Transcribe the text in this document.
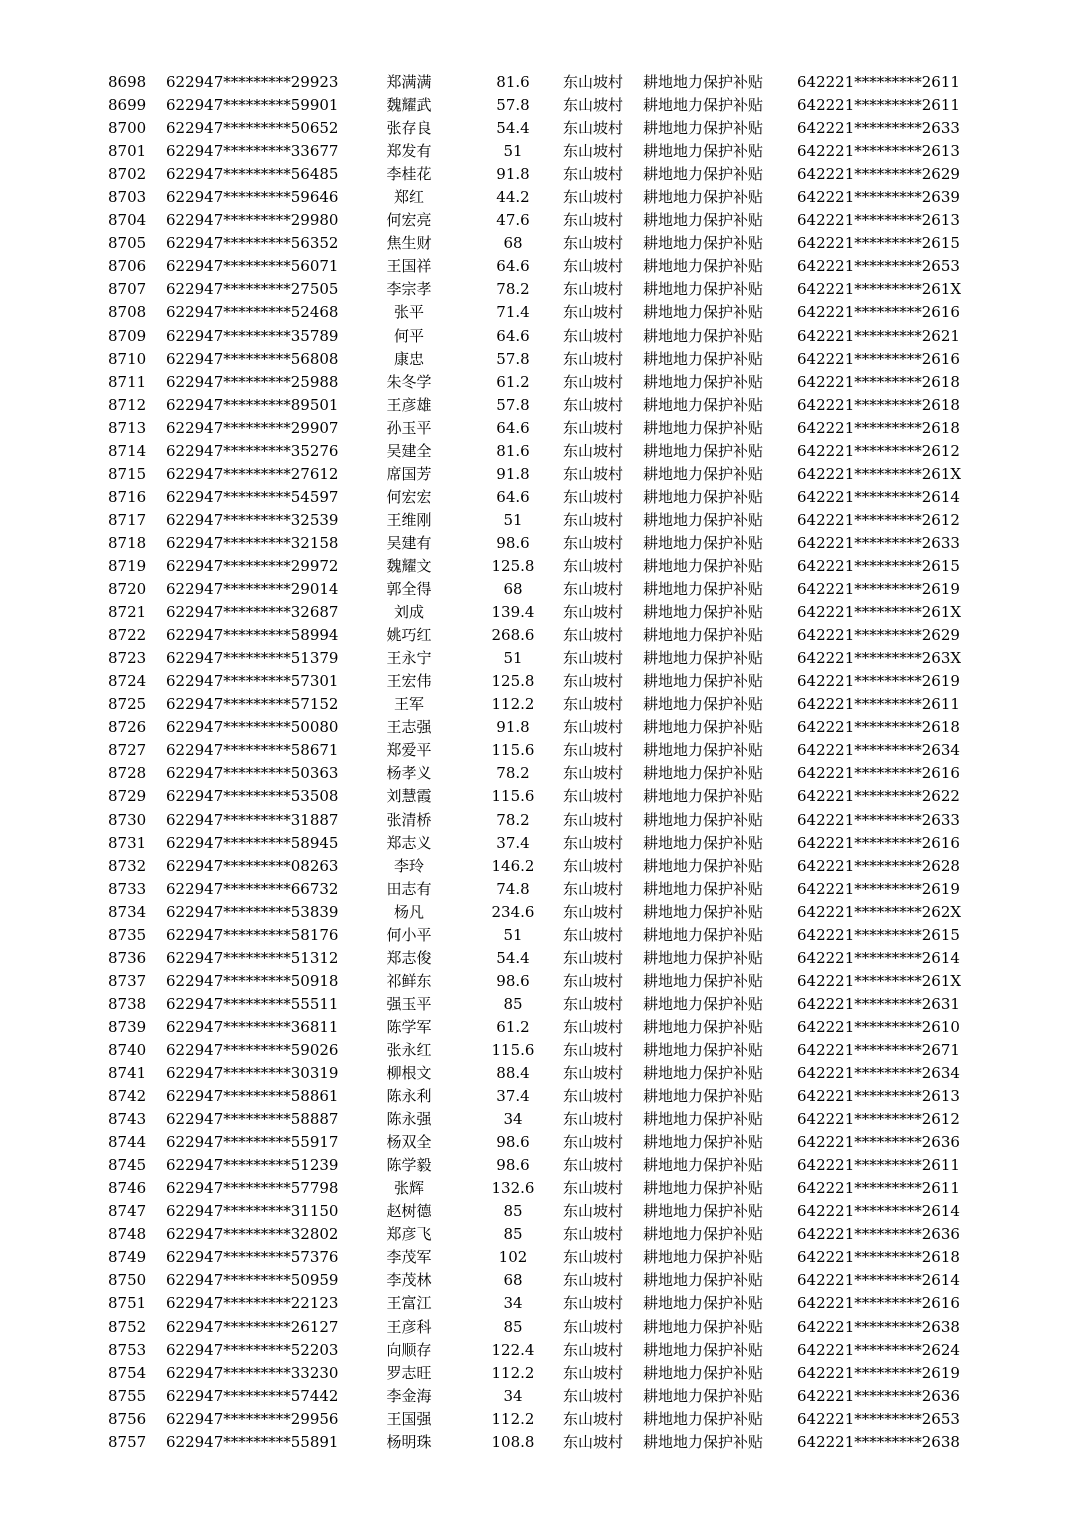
8698	622947*********29923	郑满满	81.6	东山坡村	耕地地力保护补贴	642221*********2611
8699	622947*********59901	魏耀武	57.8	东山坡村	耕地地力保护补贴	642221*********2611
8700	622947*********50652	张存良	54.4	东山坡村	耕地地力保护补贴	642221*********2633
8701	622947*********33677	郑发有	51	东山坡村	耕地地力保护补贴	642221*********2613
8702	622947*********56485	李桂花	91.8	东山坡村	耕地地力保护补贴	642221*********2629
8703	622947*********59646	郑红	44.2	东山坡村	耕地地力保护补贴	642221*********2639
8704	622947*********29980	何宏亮	47.6	东山坡村	耕地地力保护补贴	642221*********2613
8705	622947*********56352	焦生财	68	东山坡村	耕地地力保护补贴	642221*********2615
8706	622947*********56071	王国祥	64.6	东山坡村	耕地地力保护补贴	642221*********2653
8707	622947*********27505	李宗孝	78.2	东山坡村	耕地地力保护补贴	642221*********261X
8708	622947*********52468	张平	71.4	东山坡村	耕地地力保护补贴	642221*********2616
8709	622947*********35789	何平	64.6	东山坡村	耕地地力保护补贴	642221*********2621
8710	622947*********56808	康忠	57.8	东山坡村	耕地地力保护补贴	642221*********2616
8711	622947*********25988	朱冬学	61.2	东山坡村	耕地地力保护补贴	642221*********2618
8712	622947*********89501	王彦雄	57.8	东山坡村	耕地地力保护补贴	642221*********2618
8713	622947*********29907	孙玉平	64.6	东山坡村	耕地地力保护补贴	642221*********2618
8714	622947*********35276	吴建全	81.6	东山坡村	耕地地力保护补贴	642221*********2612
8715	622947*********27612	席国芳	91.8	东山坡村	耕地地力保护补贴	642221*********261X
8716	622947*********54597	何宏宏	64.6	东山坡村	耕地地力保护补贴	642221*********2614
8717	622947*********32539	王维刚	51	东山坡村	耕地地力保护补贴	642221*********2612
8718	622947*********32158	吴建有	98.6	东山坡村	耕地地力保护补贴	642221*********2633
8719	622947*********29972	魏耀文	125.8	东山坡村	耕地地力保护补贴	642221*********2615
8720	622947*********29014	郭全得	68	东山坡村	耕地地力保护补贴	642221*********2619
8721	622947*********32687	刘成	139.4	东山坡村	耕地地力保护补贴	642221*********261X
8722	622947*********58994	姚巧红	268.6	东山坡村	耕地地力保护补贴	642221*********2629
8723	622947*********51379	王永宁	51	东山坡村	耕地地力保护补贴	642221*********263X
8724	622947*********57301	王宏伟	125.8	东山坡村	耕地地力保护补贴	642221*********2619
8725	622947*********57152	王军	112.2	东山坡村	耕地地力保护补贴	642221*********2611
8726	622947*********50080	王志强	91.8	东山坡村	耕地地力保护补贴	642221*********2618
8727	622947*********58671	郑爱平	115.6	东山坡村	耕地地力保护补贴	642221*********2634
8728	622947*********50363	杨孝义	78.2	东山坡村	耕地地力保护补贴	642221*********2616
8729	622947*********53508	刘慧霞	115.6	东山坡村	耕地地力保护补贴	642221*********2622
8730	622947*********31887	张清桥	78.2	东山坡村	耕地地力保护补贴	642221*********2633
8731	622947*********58945	郑志义	37.4	东山坡村	耕地地力保护补贴	642221*********2616
8732	622947*********08263	李玲	146.2	东山坡村	耕地地力保护补贴	642221*********2628
8733	622947*********66732	田志有	74.8	东山坡村	耕地地力保护补贴	642221*********2619
8734	622947*********53839	杨凡	234.6	东山坡村	耕地地力保护补贴	642221*********262X
8735	622947*********58176	何小平	51	东山坡村	耕地地力保护补贴	642221*********2615
8736	622947*********51312	郑志俊	54.4	东山坡村	耕地地力保护补贴	642221*********2614
8737	622947*********50918	祁鲜东	98.6	东山坡村	耕地地力保护补贴	642221*********261X
8738	622947*********55511	强玉平	85	东山坡村	耕地地力保护补贴	642221*********2631
8739	622947*********36811	陈学军	61.2	东山坡村	耕地地力保护补贴	642221*********2610
8740	622947*********59026	张永红	115.6	东山坡村	耕地地力保护补贴	642221*********2671
8741	622947*********30319	柳根文	88.4	东山坡村	耕地地力保护补贴	642221*********2634
8742	622947*********58861	陈永利	37.4	东山坡村	耕地地力保护补贴	642221*********2613
8743	622947*********58887	陈永强	34	东山坡村	耕地地力保护补贴	642221*********2612
8744	622947*********55917	杨双全	98.6	东山坡村	耕地地力保护补贴	642221*********2636
8745	622947*********51239	陈学毅	98.6	东山坡村	耕地地力保护补贴	642221*********2611
8746	622947*********57798	张辉	132.6	东山坡村	耕地地力保护补贴	642221*********2611
8747	622947*********31150	赵树德	85	东山坡村	耕地地力保护补贴	642221*********2614
8748	622947*********32802	郑彦飞	85	东山坡村	耕地地力保护补贴	642221*********2636
8749	622947*********57376	李茂军	102	东山坡村	耕地地力保护补贴	642221*********2618
8750	622947*********50959	李茂林	68	东山坡村	耕地地力保护补贴	642221*********2614
8751	622947*********22123	王富江	34	东山坡村	耕地地力保护补贴	642221*********2616
8752	622947*********26127	王彦科	85	东山坡村	耕地地力保护补贴	642221*********2638
8753	622947*********52203	向顺存	122.4	东山坡村	耕地地力保护补贴	642221*********2624
8754	622947*********33230	罗志旺	112.2	东山坡村	耕地地力保护补贴	642221*********2619
8755	622947*********57442	李金海	34	东山坡村	耕地地力保护补贴	642221*********2636
8756	622947*********29956	王国强	112.2	东山坡村	耕地地力保护补贴	642221*********2653
8757	622947*********55891	杨明珠	108.8	东山坡村	耕地地力保护补贴	642221*********2638
